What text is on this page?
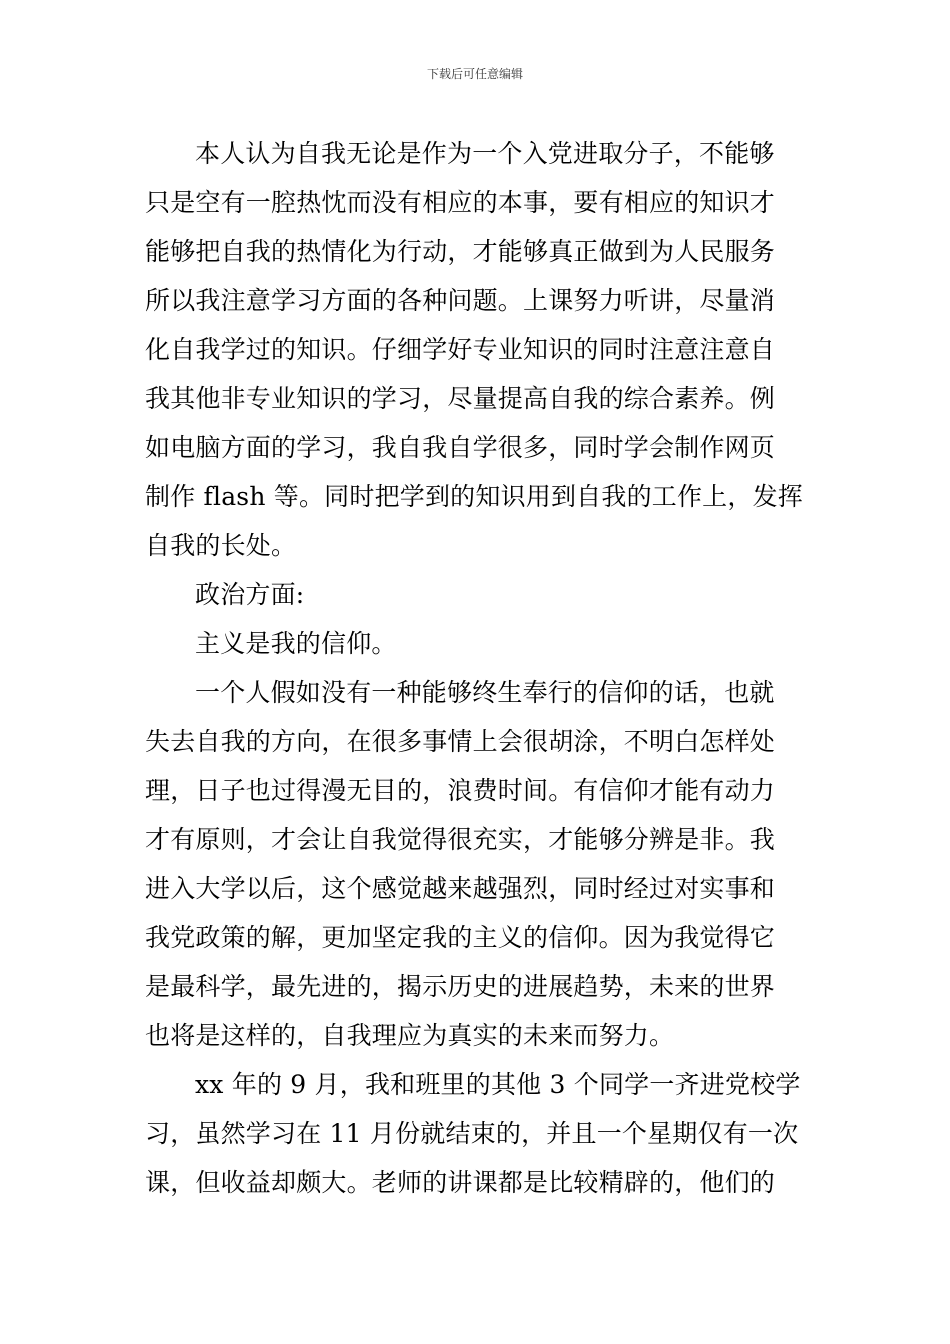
下载后可任意编辑
本人认为自我无论是作为一个入党进取分子，不能够
只是空有一腔热忱而没有相应的本事，要有相应的知识才
能够把自我的热情化为行动，才能够真正做到为人民服务
所以我注意学习方面的各种问题。上课努力听讲，尽量消
化自我学过的知识。仔细学好专业知识的同时注意注意自
我其他非专业知识的学习，尽量提高自我的综合素养。例
如电脑方面的学习，我自我自学很多，同时学会制作网页
制作 flash 等。同时把学到的知识用到自我的工作上，发挥
自我的长处。
政治方面:
主义是我的信仰。
一个人假如没有一种能够终生奉行的信仰的话，也就
失去自我的方向，在很多事情上会很胡涂，不明白怎样处
理，日子也过得漫无目的，浪费时间。有信仰才能有动力
才有原则，才会让自我觉得很充实，才能够分辨是非。我
进入大学以后，这个感觉越来越强烈，同时经过对实事和
我党政策的解，更加坚定我的主义的信仰。因为我觉得它
是最科学，最先进的，揭示历史的进展趋势，未来的世界
也将是这样的，自我理应为真实的未来而努力。
xx 年的 9 月，我和班里的其他 3 个同学一齐进党校学
习，虽然学习在 11 月份就结束的，并且一个星期仅有一次
课，但收益却颇大。老师的讲课都是比较精辟的，他们的
